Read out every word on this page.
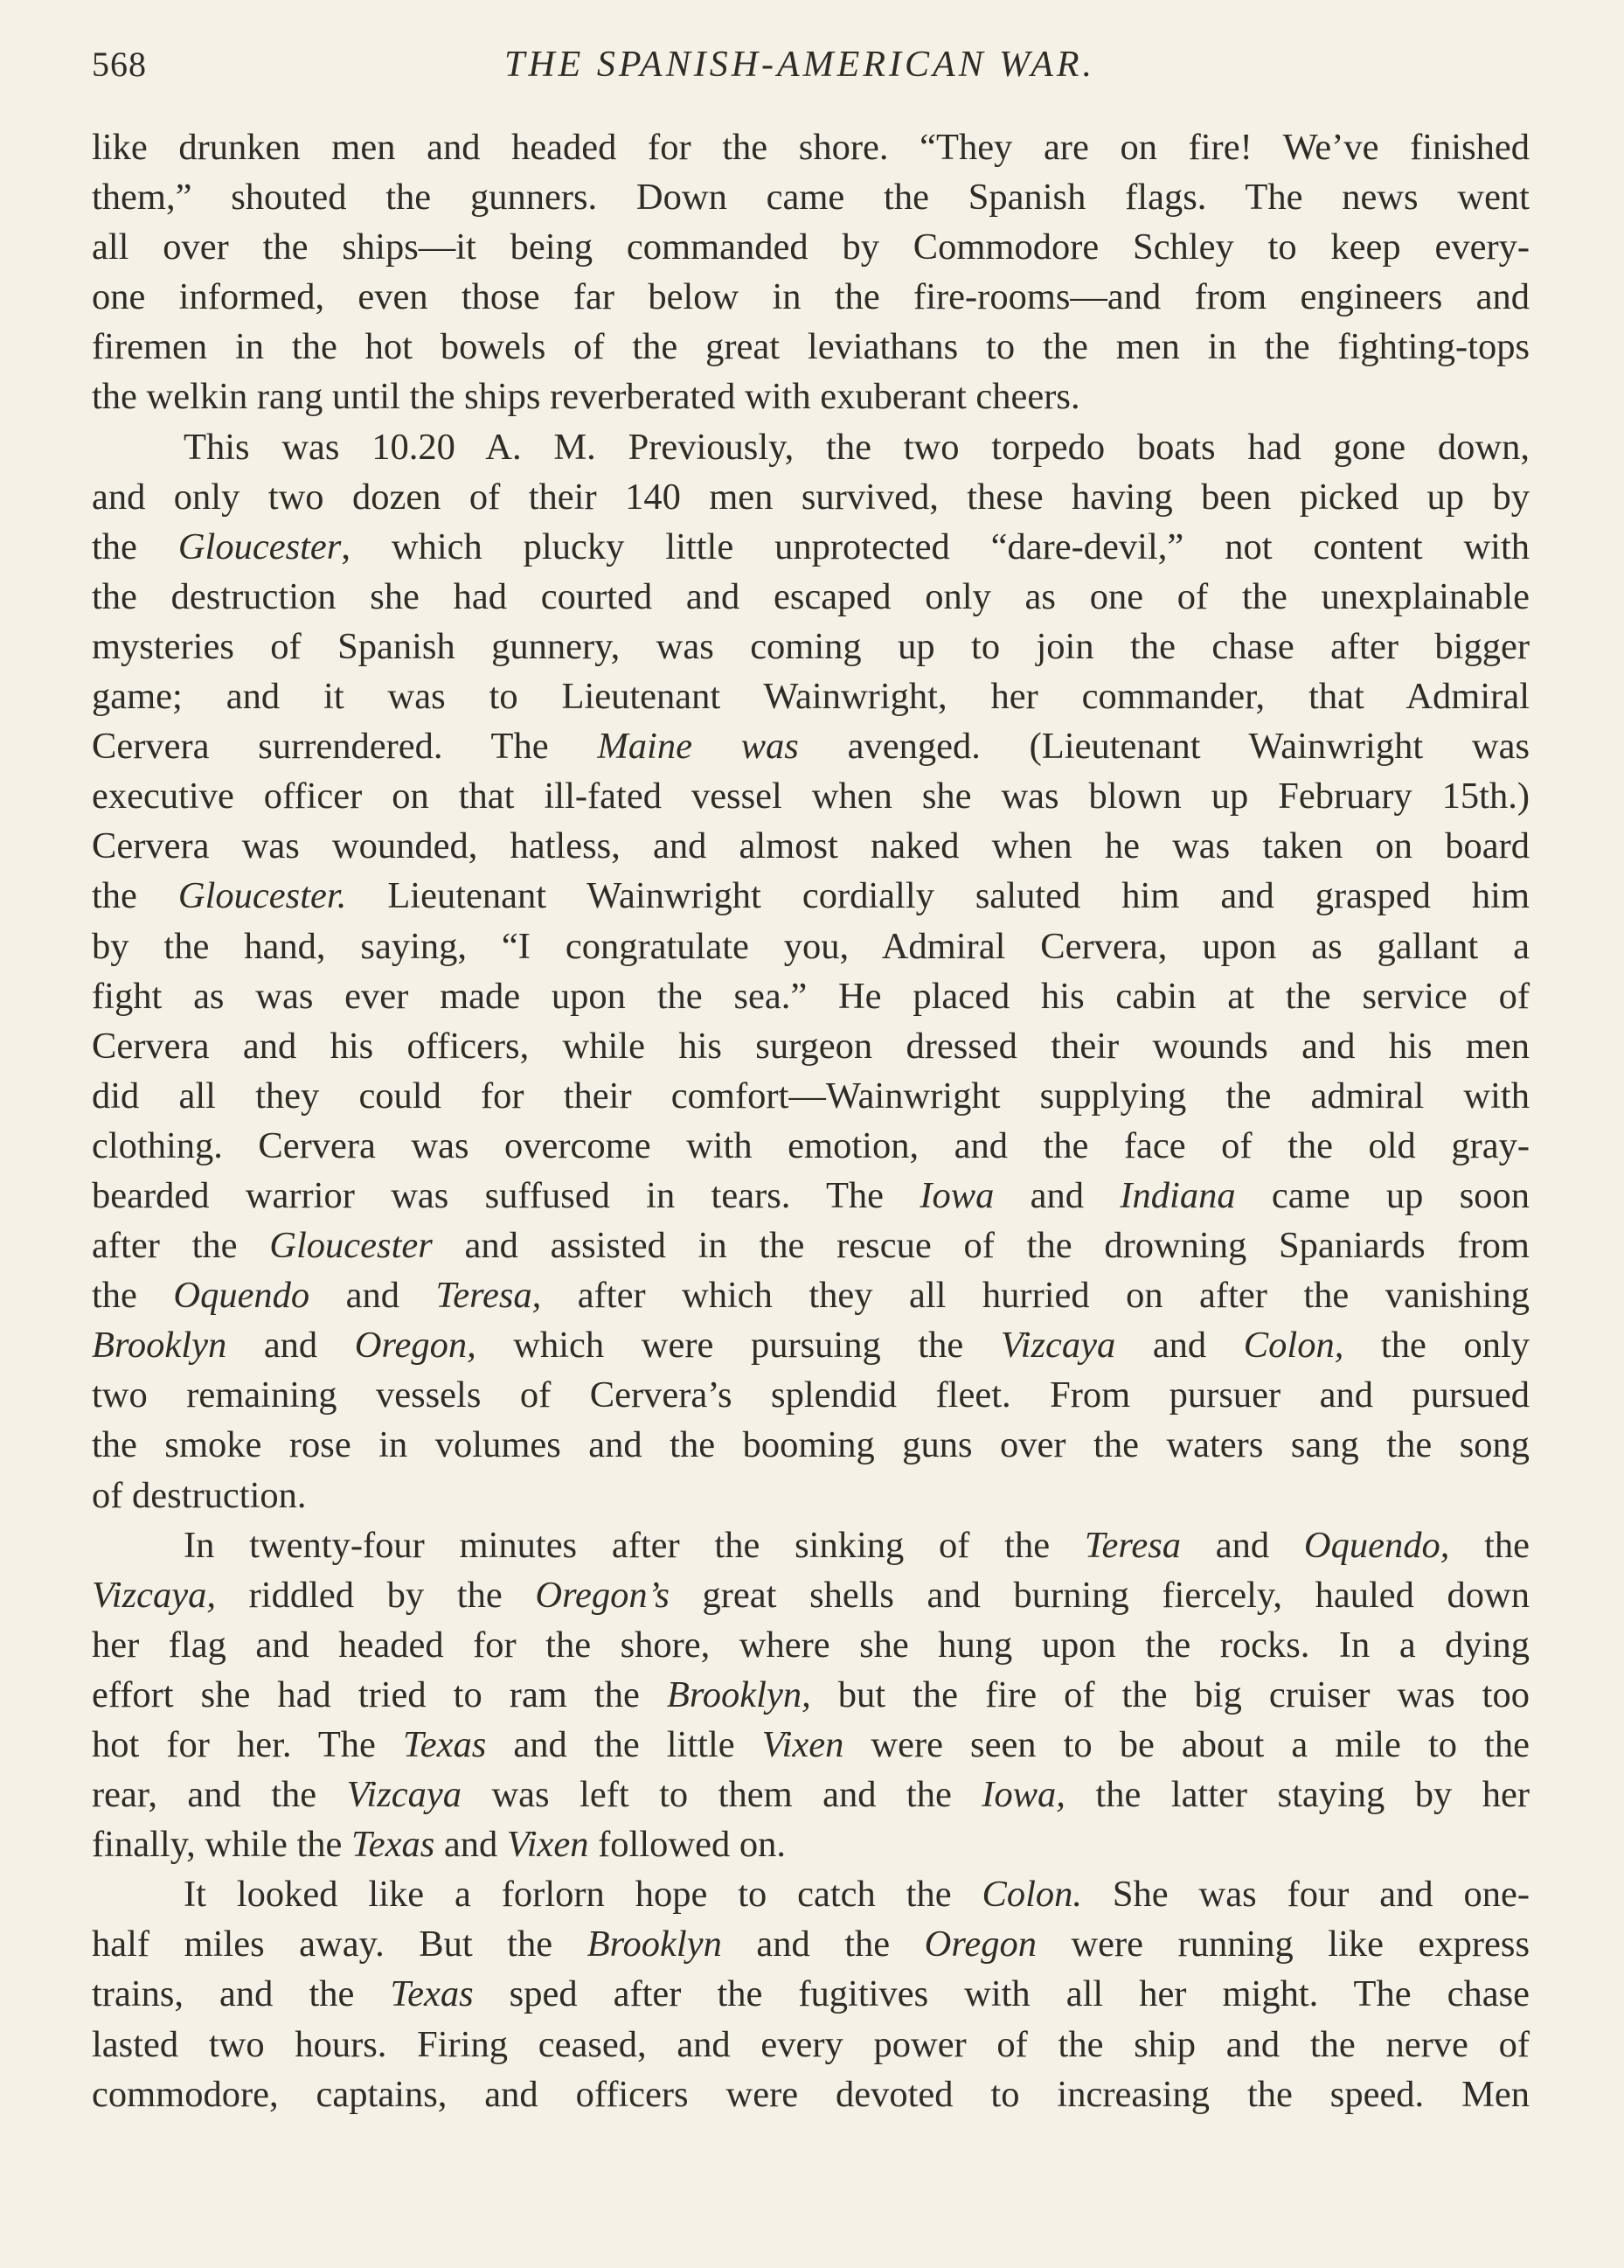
568	THE SPANISH-AMERICAN WAR.
like drunken men and headed for the shore. “They are on fire! We’ve finished
them,” shouted the gunners. Down came the Spanish flags. The news went
all over the ships—it being commanded by Commodore Schley to keep every-
one informed, even those far below in the fire-rooms—and from engineers and
firemen in the hot bowels of the great leviathans to the men in the fighting-tops
the welkin rang until the ships reverberated with exuberant cheers.
This was 10.20 A. M. Previously, the two torpedo boats had gone down,
and only two dozen of their 140 men survived, these having been picked up by
the Gloucester, which plucky little unprotected “dare-devil,” not content with
the destruction she had courted and escaped only as one of the unexplainable
mysteries of Spanish gunnery, was coming up to join the chase after bigger
game; and it was to Lieutenant Wainwright, her commander, that Admiral
Cervera surrendered. The Maine was avenged. (Lieutenant Wainwright was
executive officer on that ill-fated vessel when she was blown up February 15th.)
Cervera was wounded, hatless, and almost naked when he was taken on board
the Gloucester. Lieutenant Wainwright cordially saluted him and grasped him
by the hand, saying, “I congratulate you, Admiral Cervera, upon as gallant a
fight as was ever made upon the sea.” He placed his cabin at the service of
Cervera and his officers, while his surgeon dressed their wounds and his men
did all they could for their comfort—Wainwright supplying the admiral with
clothing. Cervera was overcome with emotion, and the face of the old gray-
bearded warrior was suffused in tears. The Iowa and Indiana came up soon
after the Gloucester and assisted in the rescue of the drowning Spaniards from
the Oquendo and Teresa, after which they all hurried on after the vanishing
Brooklyn and Oregon, which were pursuing the Vizcaya and Colon, the only
two remaining vessels of Cervera’s splendid fleet. From pursuer and pursued
the smoke rose in volumes and the booming guns over the waters sang the song
of destruction.
In twenty-four minutes after the sinking of the Teresa and Oquendo, the
Vizcaya, riddled by the Oregon’s great shells and burning fiercely, hauled down
her flag and headed for the shore, where she hung upon the rocks. In a dying
effort she had tried to ram the Brooklyn, but the fire of the big cruiser was too
hot for her. The Texas and the little Vixen were seen to be about a mile to the
rear, and the Vizcaya was left to them and the Iowa, the latter staying by her
finally, while the Texas and Vixen followed on.
It looked like a forlorn hope to catch the Colon. She was four and one-
half miles away. But the Brooklyn and the Oregon were running like express
trains, and the Texas sped after the fugitives with all her might. The chase
lasted two hours. Firing ceased, and every power of the ship and the nerve of
commodore, captains, and officers were devoted to increasing the speed. Men
